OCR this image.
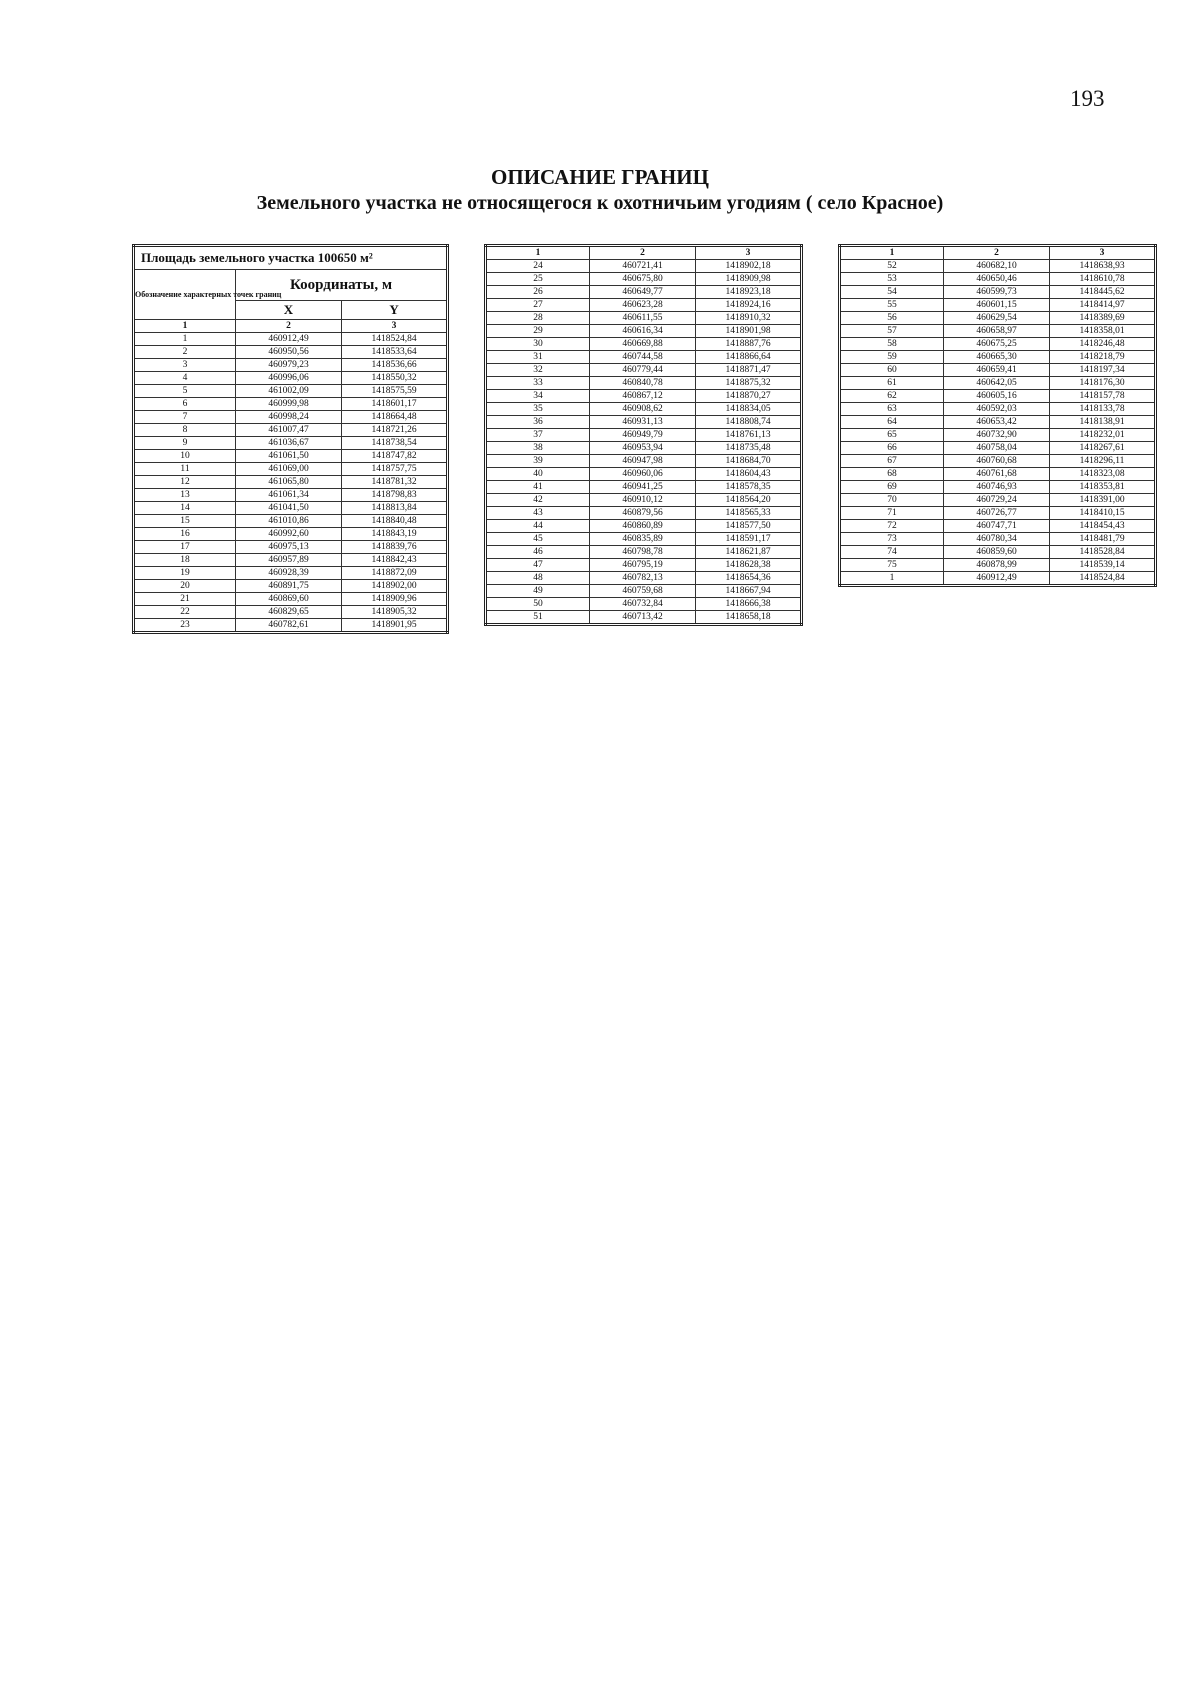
193
ОПИСАНИЕ ГРАНИЦ
Земельного участка не относящегося к охотничьим угодиям ( село Красное)
Площадь земельного участка 100650 м²		
Обозначение характерных точек границ	Координаты, м	
	X	Y
1	2	3
1	460912,49	1418524,84
2	460950,56	1418533,64
3	460979,23	1418536,66
4	460996,06	1418550,32
5	461002,09	1418575,59
6	460999,98	1418601,17
7	460998,24	1418664,48
8	461007,47	1418721,26
9	461036,67	1418738,54
10	461061,50	1418747,82
11	461069,00	1418757,75
12	461065,80	1418781,32
13	461061,34	1418798,83
14	461041,50	1418813,84
15	461010,86	1418840,48
16	460992,60	1418843,19
17	460975,13	1418839,76
18	460957,89	1418842,43
19	460928,39	1418872,09
20	460891,75	1418902,00
21	460869,60	1418909,96
22	460829,65	1418905,32
23	460782,61	1418901,95
1	2	3
24	460721,41	1418902,18
25	460675,80	1418909,98
26	460649,77	1418923,18
27	460623,28	1418924,16
28	460611,55	1418910,32
29	460616,34	1418901,98
30	460669,88	1418887,76
31	460744,58	1418866,64
32	460779,44	1418871,47
33	460840,78	1418875,32
34	460867,12	1418870,27
35	460908,62	1418834,05
36	460931,13	1418808,74
37	460949,79	1418761,13
38	460953,94	1418735,48
39	460947,98	1418684,70
40	460960,06	1418604,43
41	460941,25	1418578,35
42	460910,12	1418564,20
43	460879,56	1418565,33
44	460860,89	1418577,50
45	460835,89	1418591,17
46	460798,78	1418621,87
47	460795,19	1418628,38
48	460782,13	1418654,36
49	460759,68	1418667,94
50	460732,84	1418666,38
51	460713,42	1418658,18
1	2	3
52	460682,10	1418638,93
53	460650,46	1418610,78
54	460599,73	1418445,62
55	460601,15	1418414,97
56	460629,54	1418389,69
57	460658,97	1418358,01
58	460675,25	1418246,48
59	460665,30	1418218,79
60	460659,41	1418197,34
61	460642,05	1418176,30
62	460605,16	1418157,78
63	460592,03	1418133,78
64	460653,42	1418138,91
65	460732,90	1418232,01
66	460758,04	1418267,61
67	460760,68	1418296,11
68	460761,68	1418323,08
69	460746,93	1418353,81
70	460729,24	1418391,00
71	460726,77	1418410,15
72	460747,71	1418454,43
73	460780,34	1418481,79
74	460859,60	1418528,84
75	460878,99	1418539,14
1	460912,49	1418524,84
